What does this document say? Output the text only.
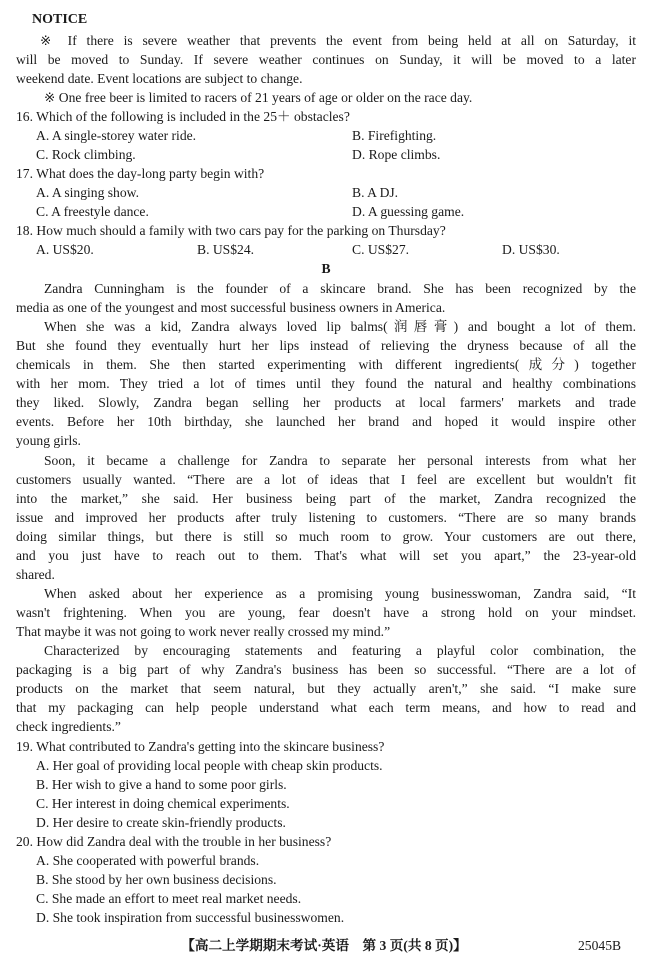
NOTICE
※ If there is severe weather that prevents the event from being held at all on Saturday, it
will be moved to Sunday. If severe weather continues on Sunday, it will be moved to a later
weekend date. Event locations are subject to change.
※ One free beer is limited to racers of 21 years of age or older on the race day.
16. Which of the following is included in the 25＋ obstacles?
A. A single-storey water ride.	B. Firefighting.
C. Rock climbing.	D. Rope climbs.
17. What does the day-long party begin with?
A. A singing show.	B. A DJ.
C. A freestyle dance.	D. A guessing game.
18. How much should a family with two cars pay for the parking on Thursday?
A. US$20.	B. US$24.	C. US$27.	D. US$30.
B
Zandra Cunningham is the founder of a skincare brand. She has been recognized by the
media as one of the youngest and most successful business owners in America.
When she was a kid, Zandra always loved lip balms(润唇膏) and bought a lot of them.
But she found they eventually hurt her lips instead of relieving the dryness because of all the
chemicals in them. She then started experimenting with different ingredients(成分) together
with her mom. They tried a lot of times until they found the natural and healthy combinations
they liked. Slowly, Zandra began selling her products at local farmers' markets and trade
events. Before her 10th birthday, she launched her brand and hoped it would inspire other
young girls.
Soon, it became a challenge for Zandra to separate her personal interests from what her
customers usually wanted. “There are a lot of ideas that I feel are excellent but wouldn't fit
into the market,” she said. Her business being part of the market, Zandra recognized the
issue and improved her products after truly listening to customers. “There are so many brands
doing similar things, but there is still so much room to grow. Your customers are out there,
and you just have to reach out to them. That's what will set you apart,” the 23-year-old
shared.
When asked about her experience as a promising young businesswoman, Zandra said, “It
wasn't frightening. When you are young, fear doesn't have a strong hold on your mindset.
That maybe it was not going to work never really crossed my mind.”
Characterized by encouraging statements and featuring a playful color combination, the
packaging is a big part of why Zandra's business has been so successful. “There are a lot of
products on the market that seem natural, but they actually aren't,” she said. “I make sure
that my packaging can help people understand what each term means, and how to read and
check ingredients.”
19. What contributed to Zandra's getting into the skincare business?
A. Her goal of providing local people with cheap skin products.
B. Her wish to give a hand to some poor girls.
C. Her interest in doing chemical experiments.
D. Her desire to create skin-friendly products.
20. How did Zandra deal with the trouble in her business?
A. She cooperated with powerful brands.
B. She stood by her own business decisions.
C. She made an effort to meet real market needs.
D. She took inspiration from successful businesswomen.
【高二上学期期末考试·英语　第 3 页(共 8 页)】	25045B
